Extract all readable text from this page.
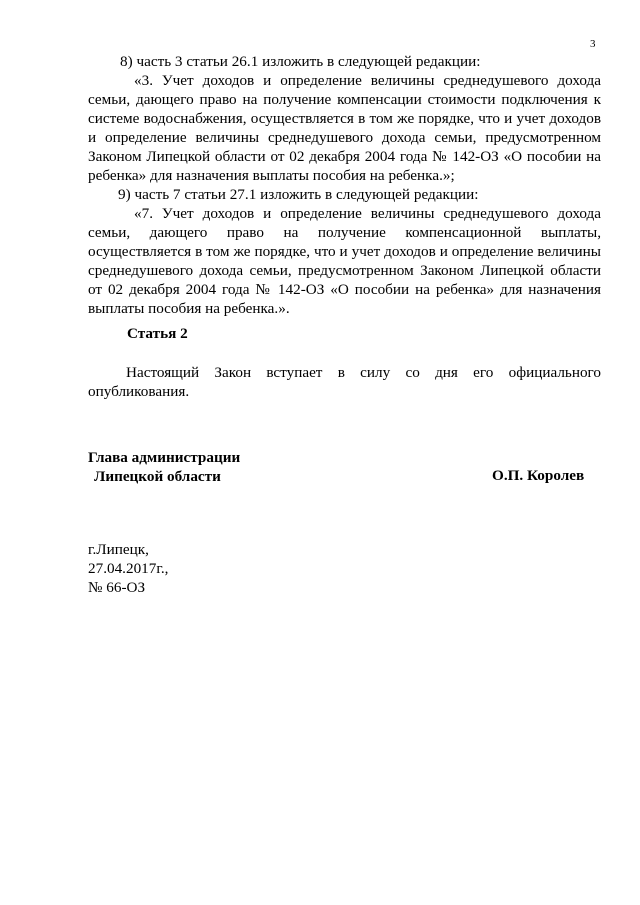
3
8) часть 3 статьи 26.1 изложить в следующей редакции:

«3. Учет доходов и определение величины среднедушевого дохода семьи, дающего право на получение компенсации стоимости подключения к системе водоснабжения, осуществляется в том же порядке, что и учет доходов и определение величины среднедушевого дохода семьи, предусмотренном Законом Липецкой области от 02 декабря 2004 года № 142-ОЗ «О пособии на ребенка» для назначения выплаты пособия на ребенка.»;

9) часть 7 статьи 27.1 изложить в следующей редакции:

«7. Учет доходов и определение величины среднедушевого дохода семьи, дающего право на получение компенсационной выплаты, осуществляется в том же порядке, что и учет доходов и определение величины среднедушевого дохода семьи, предусмотренном Законом Липецкой области от 02 декабря 2004 года № 142-ОЗ «О пособии на ребенка» для назначения выплаты пособия на ребенка.».

Статья 2

Настоящий Закон вступает в силу со дня его официального опубликования.

Глава администрации
Липецкой области	О.П. Королев
г.Липецк,
27.04.2017г.,
№ 66-ОЗ
